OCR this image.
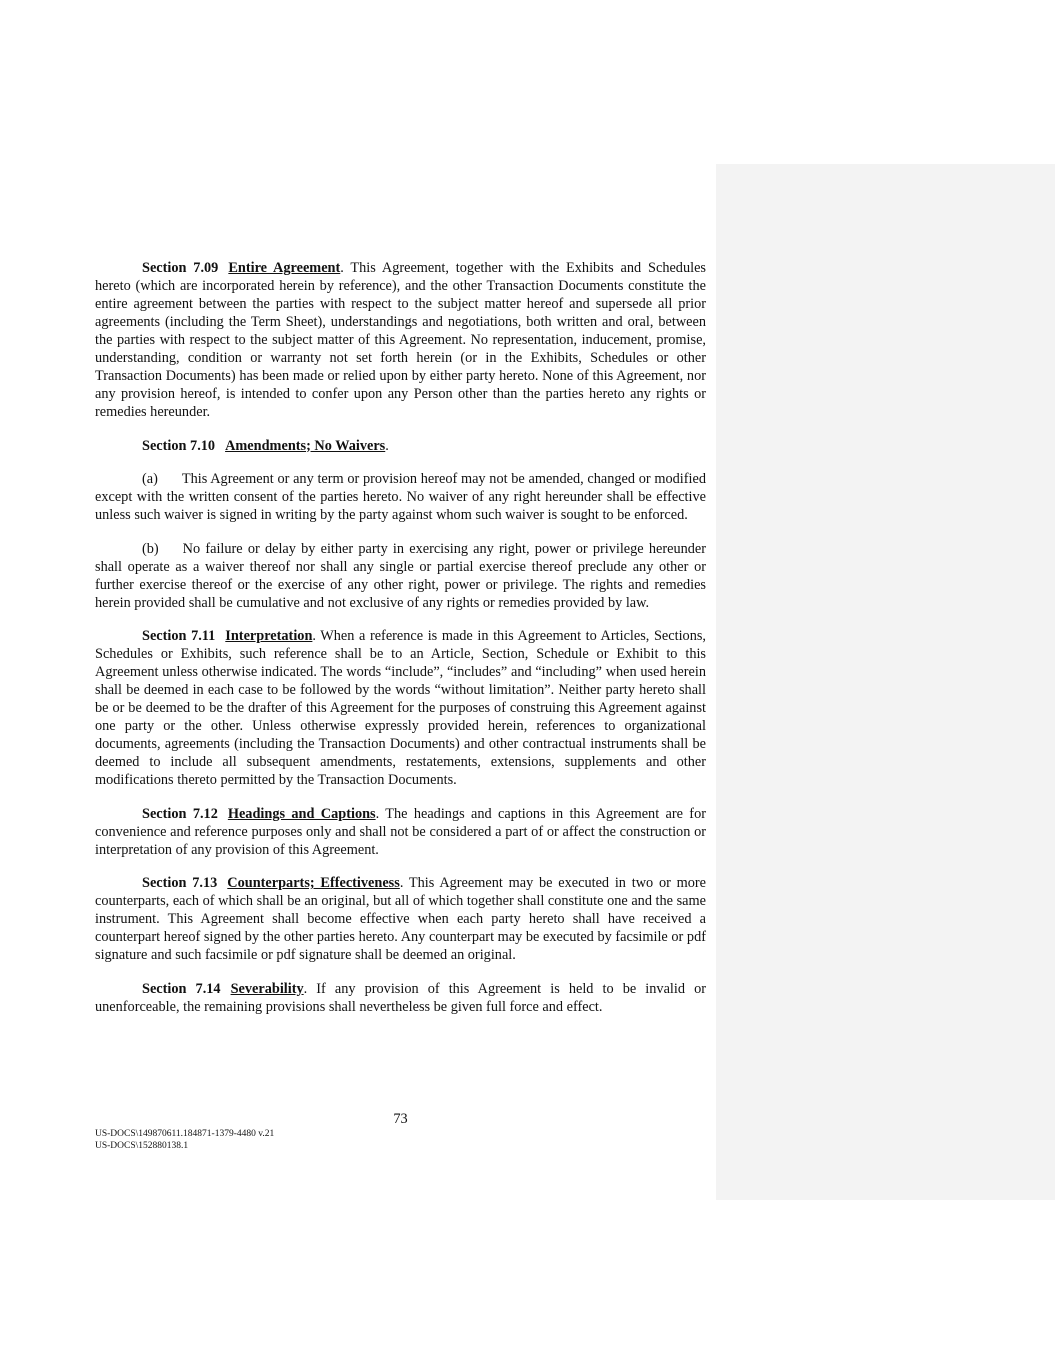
Section 7.09 Entire Agreement. This Agreement, together with the Exhibits and Schedules hereto (which are incorporated herein by reference), and the other Transaction Documents constitute the entire agreement between the parties with respect to the subject matter hereof and supersede all prior agreements (including the Term Sheet), understandings and negotiations, both written and oral, between the parties with respect to the subject matter of this Agreement. No representation, inducement, promise, understanding, condition or warranty not set forth herein (or in the Exhibits, Schedules or other Transaction Documents) has been made or relied upon by either party hereto. None of this Agreement, nor any provision hereof, is intended to confer upon any Person other than the parties hereto any rights or remedies hereunder.

Section 7.10 Amendments; No Waivers.

(a) This Agreement or any term or provision hereof may not be amended, changed or modified except with the written consent of the parties hereto. No waiver of any right hereunder shall be effective unless such waiver is signed in writing by the party against whom such waiver is sought to be enforced.

(b) No failure or delay by either party in exercising any right, power or privilege hereunder shall operate as a waiver thereof nor shall any single or partial exercise thereof preclude any other or further exercise thereof or the exercise of any other right, power or privilege. The rights and remedies herein provided shall be cumulative and not exclusive of any rights or remedies provided by law.

Section 7.11 Interpretation. When a reference is made in this Agreement to Articles, Sections, Schedules or Exhibits, such reference shall be to an Article, Section, Schedule or Exhibit to this Agreement unless otherwise indicated. The words “include”, “includes” and “including” when used herein shall be deemed in each case to be followed by the words “without limitation”. Neither party hereto shall be or be deemed to be the drafter of this Agreement for the purposes of construing this Agreement against one party or the other. Unless otherwise expressly provided herein, references to organizational documents, agreements (including the Transaction Documents) and other contractual instruments shall be deemed to include all subsequent amendments, restatements, extensions, supplements and other modifications thereto permitted by the Transaction Documents.

Section 7.12 Headings and Captions. The headings and captions in this Agreement are for convenience and reference purposes only and shall not be considered a part of or affect the construction or interpretation of any provision of this Agreement.

Section 7.13 Counterparts; Effectiveness. This Agreement may be executed in two or more counterparts, each of which shall be an original, but all of which together shall constitute one and the same instrument. This Agreement shall become effective when each party hereto shall have received a counterpart hereof signed by the other parties hereto. Any counterpart may be executed by facsimile or pdf signature and such facsimile or pdf signature shall be deemed an original.

Section 7.14 Severability. If any provision of this Agreement is held to be invalid or unenforceable, the remaining provisions shall nevertheless be given full force and effect.

73
US-DOCS\149870611.184871-1379-4480 v.21
US-DOCS\152880138.1
